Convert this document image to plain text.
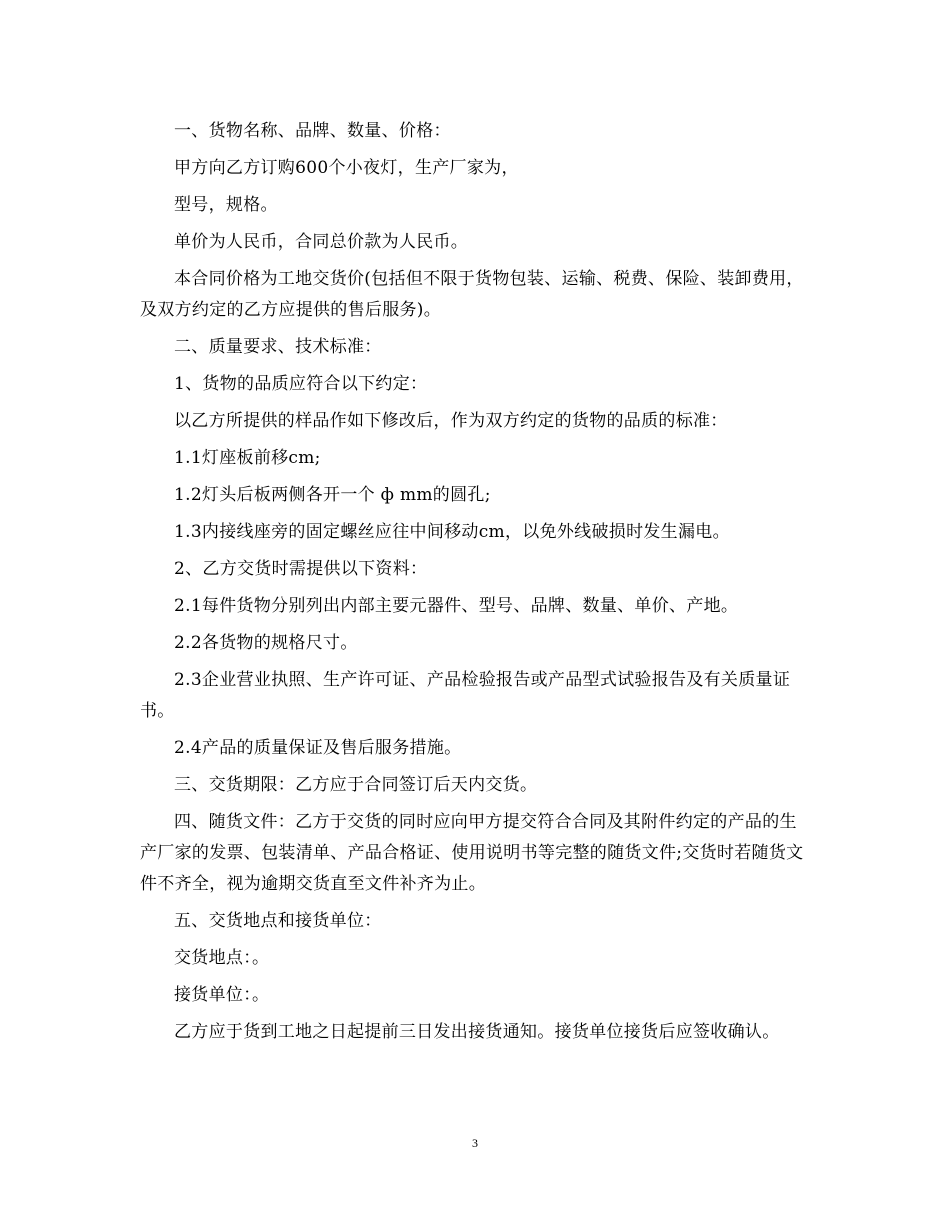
一、货物名称、品牌、数量、价格：

甲方向乙方订购600个小夜灯，生产厂家为，

型号，规格。

单价为人民币，合同总价款为人民币。

本合同价格为工地交货价(包括但不限于货物包装、运输、税费、保险、装卸费用，及双方约定的乙方应提供的售后服务)。

二、质量要求、技术标准：

1、货物的品质应符合以下约定：

以乙方所提供的样品作如下修改后，作为双方约定的货物的品质的标准：

1.1灯座板前移cm;

1.2灯头后板两侧各开一个 ф mm的圆孔;

1.3内接线座旁的固定螺丝应往中间移动cm，以免外线破损时发生漏电。

2、乙方交货时需提供以下资料：

2.1每件货物分别列出内部主要元器件、型号、品牌、数量、单价、产地。

2.2各货物的规格尺寸。

2.3企业营业执照、生产许可证、产品检验报告或产品型式试验报告及有关质量证书。

2.4产品的质量保证及售后服务措施。

三、交货期限：乙方应于合同签订后天内交货。

四、随货文件：乙方于交货的同时应向甲方提交符合合同及其附件约定的产品的生产厂家的发票、包装清单、产品合格证、使用说明书等完整的随货文件;交货时若随货文件不齐全，视为逾期交货直至文件补齐为止。

五、交货地点和接货单位：

交货地点：。

接货单位：。

乙方应于货到工地之日起提前三日发出接货通知。接货单位接货后应签收确认。

3
